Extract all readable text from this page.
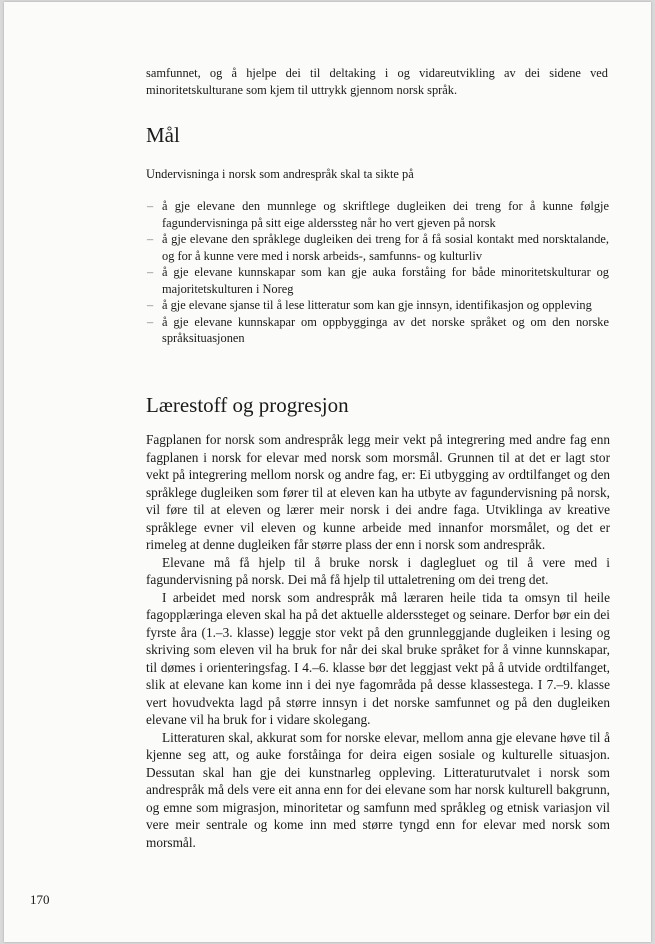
samfunnet, og å hjelpe dei til deltaking i og vidareutvikling av dei sidene ved minoritetskulturane som kjem til uttrykk gjennom norsk språk.

Mål

Undervisninga i norsk som andrespråk skal ta sikte på

– å gje elevane den munnlege og skriftlege dugleiken dei treng for å kunne følgje fagundervisninga på sitt eige alderssteg når ho vert gjeven på norsk
– å gje elevane den språklege dugleiken dei treng for å få sosial kontakt med norsktalande, og for å kunne vere med i norsk arbeids-, samfunns- og kulturliv
– å gje elevane kunnskapar som kan gje auka forståing for både minoritetskulturar og majoritetskulturen i Noreg
– å gje elevane sjanse til å lese litteratur som kan gje innsyn, identifikasjon og oppleving
– å gje elevane kunnskapar om oppbygginga av det norske språket og om den norske språksituasjonen
Lærestoff og progresjon

Fagplanen for norsk som andrespråk legg meir vekt på integrering med andre fag enn fagplanen i norsk for elevar med norsk som morsmål. Grunnen til at det er lagt stor vekt på integrering mellom norsk og andre fag, er: Ei utbygging av ordtilfanget og den språklege dugleiken som fører til at eleven kan ha utbyte av fagundervisning på norsk, vil føre til at eleven og lærer meir norsk i dei andre faga. Utviklinga av kreative språklege evner vil eleven og kunne arbeide med innanfor morsmålet, og det er rimeleg at denne dugleiken får større plass der enn i norsk som andrespråk.

Elevane må få hjelp til å bruke norsk i daglegluet og til å vere med i fagundervisning på norsk. Dei må få hjelp til uttaletrening om dei treng det.

I arbeidet med norsk som andrespråk må læraren heile tida ta omsyn til heile fagopplæringa eleven skal ha på det aktuelle alderssteget og seinare. Derfor bør ein dei fyrste åra (1.–3. klasse) leggje stor vekt på den grunnleggjande dugleiken i lesing og skriving som eleven vil ha bruk for når dei skal bruke språket for å vinne kunnskapar, til dømes i orienteringsfag. I 4.–6. klasse bør det leggjast vekt på å utvide ordtilfanget, slik at elevane kan kome inn i dei nye fagområda på desse klassestega. I 7.–9. klasse vert hovudvekta lagd på større innsyn i det norske samfunnet og på den dugleiken elevane vil ha bruk for i vidare skolegang.

Litteraturen skal, akkurat som for norske elevar, mellom anna gje elevane høve til å kjenne seg att, og auke forståinga for deira eigen sosiale og kulturelle situasjon. Dessutan skal han gje dei kunstnarleg oppleving. Litteraturutvalet i norsk som andrespråk må dels vere eit anna enn for dei elevane som har norsk kulturell bakgrunn, og emne som migrasjon, minoritetar og samfunn med språkleg og etnisk variasjon vil vere meir sentrale og kome inn med større tyngd enn for elevar med norsk som morsmål.

170
